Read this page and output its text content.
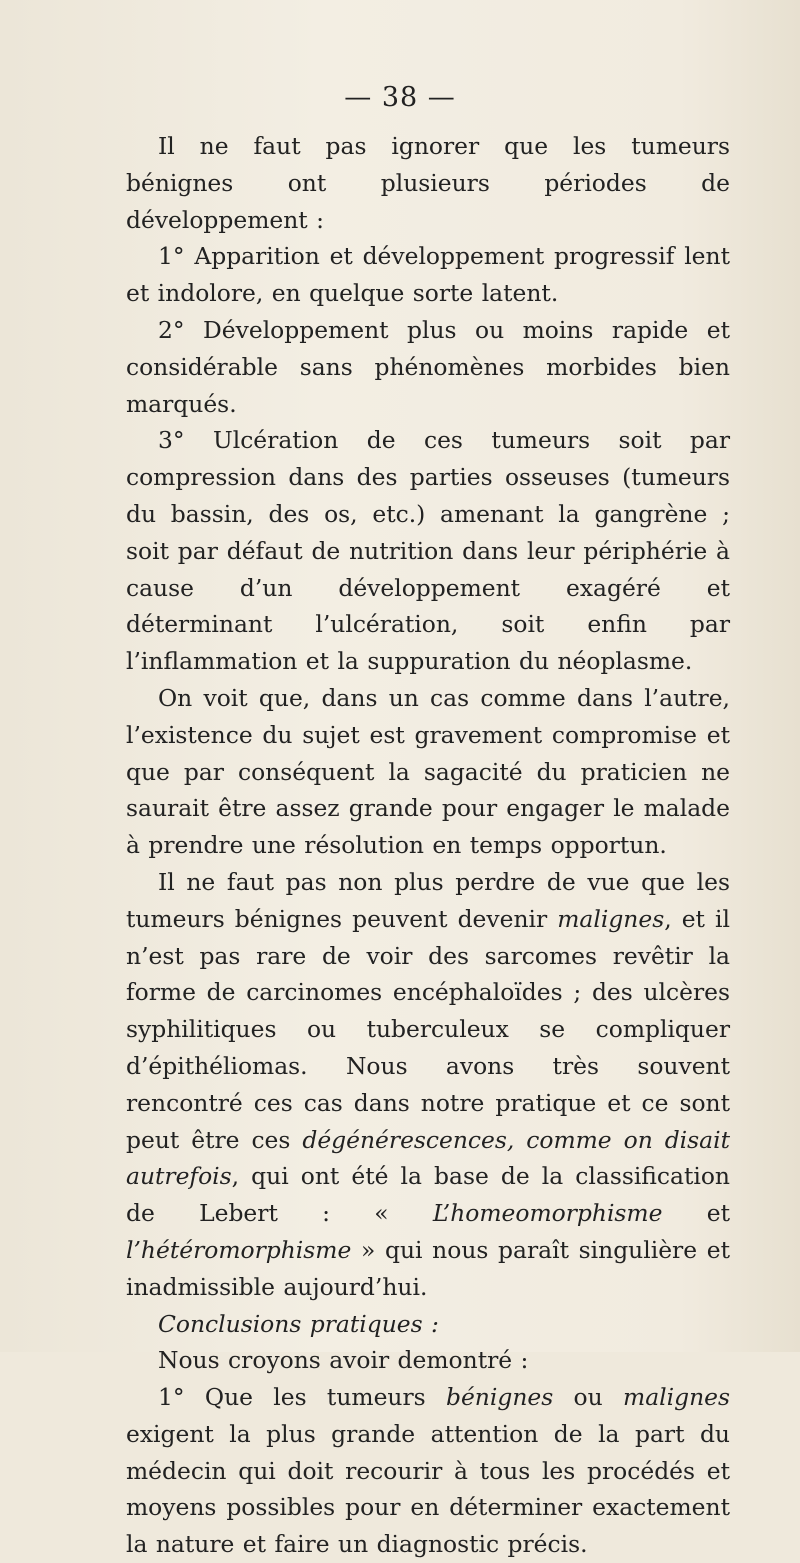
— 38 —

Il ne faut pas ignorer que les tumeurs bénignes ont plusieurs périodes de développement :

1° Apparition et développement progressif lent et indolore, en quelque sorte latent.

2° Développement plus ou moins rapide et considérable sans phénomènes morbides bien marqués.

3° Ulcération de ces tumeurs soit par compression dans des parties osseuses (tumeurs du bassin, des os, etc.) amenant la gangrène ; soit par défaut de nutrition dans leur périphérie à cause d’un développement exagéré et déterminant l’ulcération, soit enfin par l’inflammation et la suppuration du néoplasme.

On voit que, dans un cas comme dans l’autre, l’existence du sujet est gravement compromise et que par conséquent la sagacité du praticien ne saurait être assez grande pour engager le malade à prendre une résolution en temps opportun.

Il ne faut pas non plus perdre de vue que les tumeurs bénignes peuvent devenir malignes, et il n’est pas rare de voir des sarcomes revêtir la forme de carcinomes encéphaloïdes ; des ulcères syphilitiques ou tuberculeux se compliquer d’épithéliomas. Nous avons très souvent rencontré ces cas dans notre pratique et ce sont peut être ces dégénérescences, comme on disait autrefois, qui ont été la base de la classification de Lebert : « L’homeomorphisme et l’hétéromorphisme » qui nous paraît singulière et inadmissible aujourd’hui.

Conclusions pratiques :

Nous croyons avoir demontré :

1° Que les tumeurs bénignes ou malignes exigent la plus grande attention de la part du médecin qui doit recourir à tous les procédés et moyens possibles pour en déterminer exactement la nature et faire un diagnostic précis.
